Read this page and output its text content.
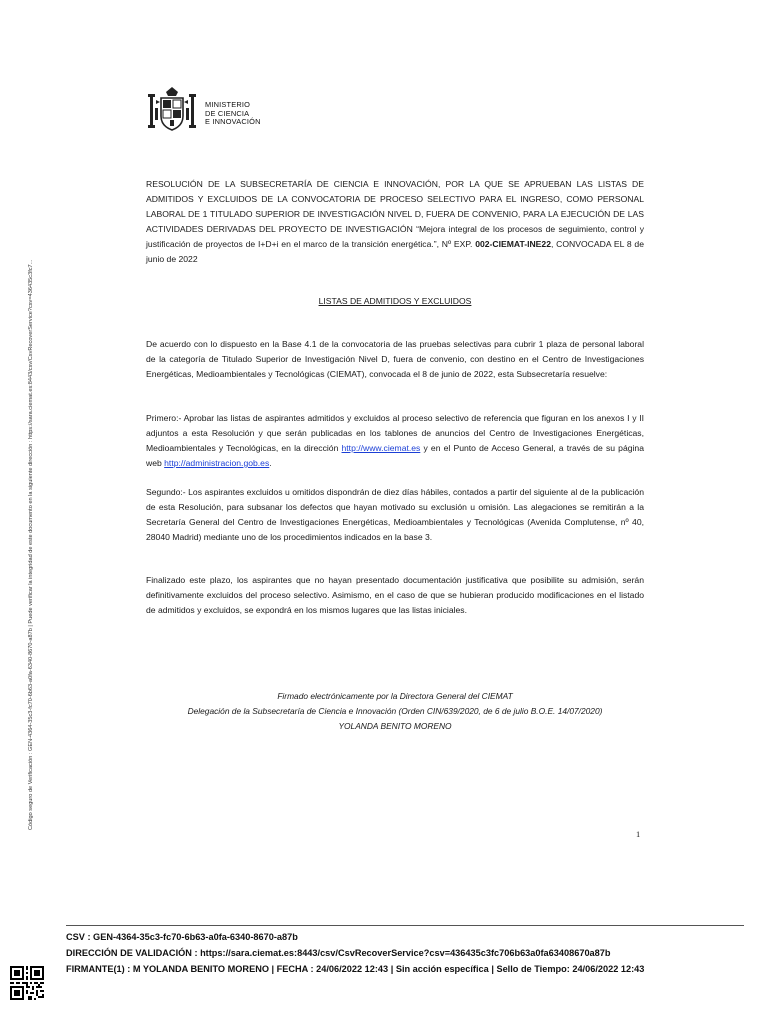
Código seguro de Verificación : GEN-4364-35c3-fc70-6b63-a0fa-6340-8670-a87b | Puede verificar la integridad de este documento en la siguiente dirección : https://sara.ciemat.es:8443/csv/CsvRecoverService?csv=436435c3fc7...
MINISTERIO
DE CIENCIA
E INNOVACIÓN
RESOLUCIÓN DE LA SUBSECRETARÍA DE CIENCIA E INNOVACIÓN, POR LA QUE SE APRUEBAN LAS LISTAS DE ADMITIDOS Y EXCLUIDOS DE LA CONVOCATORIA DE PROCESO SELECTIVO PARA EL INGRESO, COMO PERSONAL LABORAL DE 1 TITULADO SUPERIOR DE INVESTIGACIÓN NIVEL D, FUERA DE CONVENIO, PARA LA EJECUCIÓN DE LAS ACTIVIDADES DERIVADAS DEL PROYECTO DE INVESTIGACIÓN “Mejora integral de los procesos de seguimiento, control y justificación de proyectos de I+D+i en el marco de la transición energética.”, Nº EXP. 002-CIEMAT-INE22, CONVOCADA EL 8 de junio de 2022
LISTAS DE ADMITIDOS Y EXCLUIDOS
De acuerdo con lo dispuesto en la Base 4.1 de la convocatoria de las pruebas selectivas para cubrir 1 plaza de personal laboral de la categoría de Titulado Superior de Investigación Nivel D, fuera de convenio, con destino en el Centro de Investigaciones Energéticas, Medioambientales y Tecnológicas (CIEMAT), convocada el 8 de junio de 2022, esta Subsecretaría resuelve:
Primero:- Aprobar las listas de aspirantes admitidos y excluidos al proceso selectivo de referencia que figuran en los anexos I y II adjuntos a esta Resolución y que serán publicadas en los tablones de anuncios del Centro de Investigaciones Energéticas, Medioambientales y Tecnológicas, en la dirección http://www.ciemat.es y en el Punto de Acceso General, a través de su página web http://administracion.gob.es.
Segundo:- Los aspirantes excluidos u omitidos dispondrán de diez días hábiles, contados a partir del siguiente al de la publicación de esta Resolución, para subsanar los defectos que hayan motivado su exclusión u omisión. Las alegaciones se remitirán a la Secretaría General del Centro de Investigaciones Energéticas, Medioambientales y Tecnológicas (Avenida Complutense, nº 40, 28040 Madrid) mediante uno de los procedimientos indicados en la base 3.
Finalizado este plazo, los aspirantes que no hayan presentado documentación justificativa que posibilite su admisión, serán definitivamente excluidos del proceso selectivo. Asimismo, en el caso de que se hubieran producido modificaciones en el listado de admitidos y excluidos, se expondrá en los mismos lugares que las listas iniciales.
Firmado electrónicamente por la Directora General del CIEMAT
Delegación de la Subsecretaría de Ciencia e Innovación (Orden CIN/639/2020, de 6 de julio B.O.E. 14/07/2020)
YOLANDA BENITO MORENO
1
CSV : GEN-4364-35c3-fc70-6b63-a0fa-6340-8670-a87b
DIRECCIÓN DE VALIDACIÓN : https://sara.ciemat.es:8443/csv/CsvRecoverService?csv=436435c3fc706b63a0fa63408670a87b
FIRMANTE(1) : M YOLANDA BENITO MORENO | FECHA : 24/06/2022 12:43 | Sin acción específica | Sello de Tiempo: 24/06/2022 12:43
